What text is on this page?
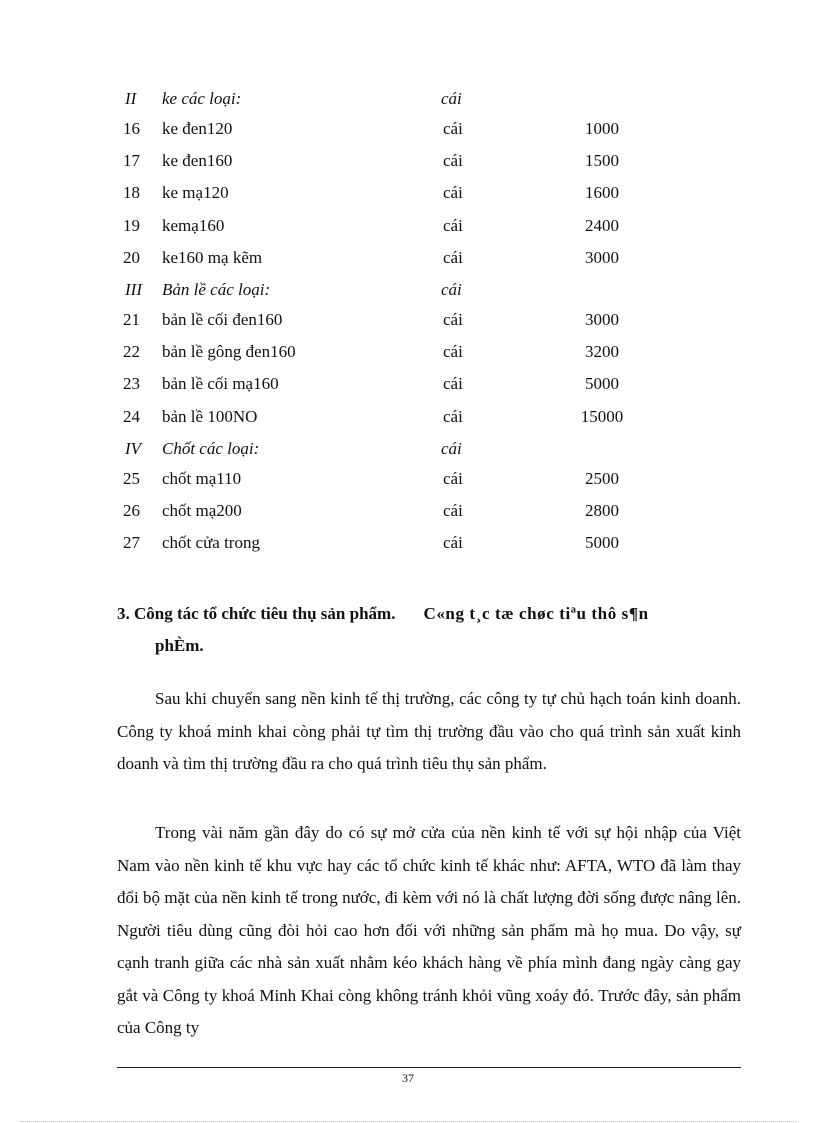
II ke các loại:	cái
16 ke đen120	cái	1000
17 ke đen160	cái	1500
18 ke mạ120	cái	1600
19 kemạ160	cái	2400
20 ke160 mạ kẽm	cái	3000
III Bản lề các loại:	cái
21 bản lề cối đen160	cái	3000
22 bản lề gông đen160	cái	3200
23 bản lề cối mạ160	cái	5000
24 bản lề 100NO	cái	15000
IV Chốt các loại:	cái
25 chốt mạ110	cái	2500
26 chốt mạ200	cái	2800
27 chốt cửa trong	cái	5000
3. Công tác tổ chức tiêu thụ sản phẩm. C«ng t¸c tæ chøc tiªu thô s¶n
phÈm.

Sau khi chuyển sang nền kinh tế thị trường, các công ty tự chủ hạch toán kinh doanh. Công ty khoá minh khai còng phải tự tìm thị trường đầu vào cho quá trình sản xuất kinh doanh và tìm thị trường đầu ra cho quá trình tiêu thụ sản phẩm.

Trong vài năm gần đây do có sự mở cửa của nền kinh tế với sự hội nhập của Việt Nam vào nền kinh tế khu vực hay các tổ chức kinh tế khác như: AFTA, WTO đã làm thay đổi bộ mặt của nền kinh tế trong nước, đi kèm với nó là chất lượng đời sống được nâng lên. Người tiêu dùng cũng đòi hỏi cao hơn đối với những sản phẩm mà họ mua. Do vậy, sự cạnh tranh giữa các nhà sản xuất nhằm kéo khách hàng về phía mình đang ngày càng gay gắt và Công ty khoá Minh Khai còng không tránh khỏi vũng xoáy đó. Trước đây, sản phẩm của Công ty

37
